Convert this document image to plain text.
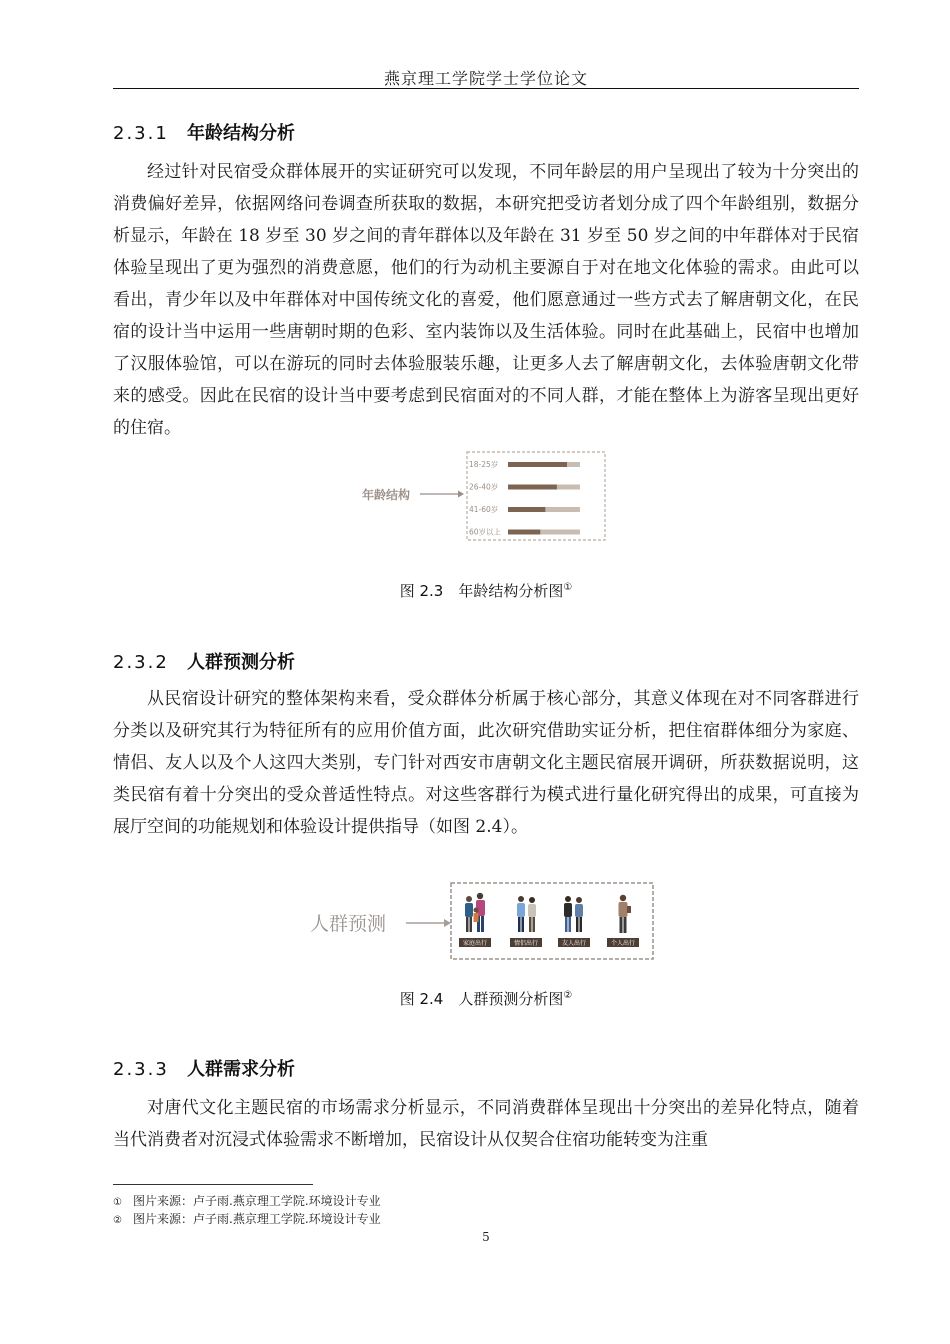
燕京理工学院学士学位论文
2.3.1 年龄结构分析

经过针对民宿受众群体展开的实证研究可以发现，不同年龄层的用户呈现出了较为十分突出的消费偏好差异，依据网络问卷调查所获取的数据，本研究把受访者划分成了四个年龄组别，数据分析显示，年龄在 18 岁至 30 岁之间的青年群体以及年龄在 31 岁至 50 岁之间的中年群体对于民宿体验呈现出了更为强烈的消费意愿，他们的行为动机主要源自于对在地文化体验的需求。由此可以看出，青少年以及中年群体对中国传统文化的喜爱，他们愿意通过一些方式去了解唐朝文化，在民宿的设计当中运用一些唐朝时期的色彩、室内装饰以及生活体验。同时在此基础上，民宿中也增加了汉服体验馆，可以在游玩的同时去体验服装乐趣，让更多人去了解唐朝文化，去体验唐朝文化带来的感受。因此在民宿的设计当中要考虑到民宿面对的不同人群，才能在整体上为游客呈现出更好的住宿。

年龄结构
18-25岁
26-40岁
41-60岁
60岁以上
图 2.3　年龄结构分析图①
2.3.2 人群预测分析

从民宿设计研究的整体架构来看，受众群体分析属于核心部分，其意义体现在对不同客群进行分类以及研究其行为特征所有的应用价值方面，此次研究借助实证分析，把住宿群体细分为家庭、情侣、友人以及个人这四大类别，专门针对西安市唐朝文化主题民宿展开调研，所获数据说明，这类民宿有着十分突出的受众普适性特点。对这些客群行为模式进行量化研究得出的成果，可直接为展厅空间的功能规划和体验设计提供指导（如图 2.4）。

人群预测
家庭出行	情侣出行	友人出行	个人出行
图 2.4　人群预测分析图②
2.3.3 人群需求分析

对唐代文化主题民宿的市场需求分析显示，不同消费群体呈现出十分突出的差异化特点，随着当代消费者对沉浸式体验需求不断增加，民宿设计从仅契合住宿功能转变为注重

① 图片来源：卢子雨.燕京理工学院.环境设计专业
② 图片来源：卢子雨.燕京理工学院.环境设计专业
5
